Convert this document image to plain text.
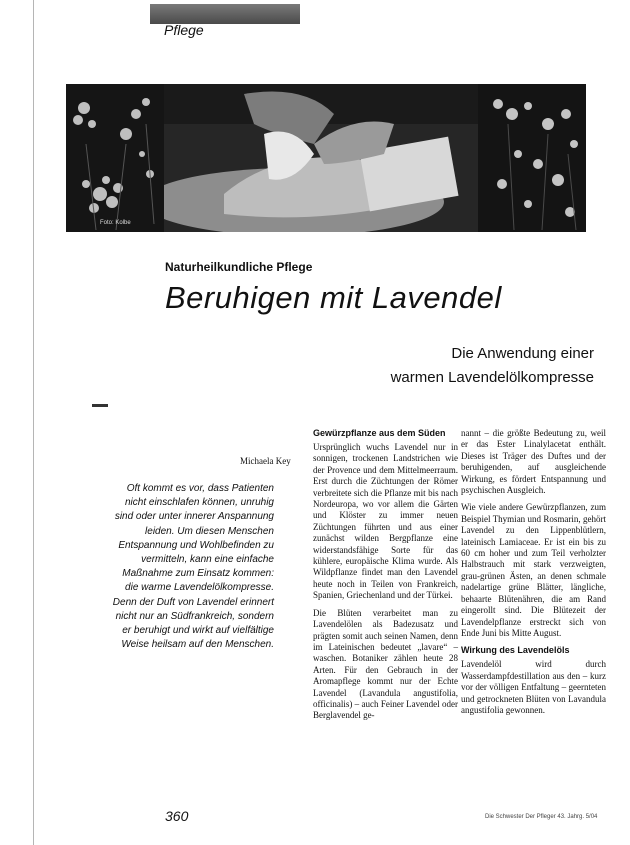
Pflege
Foto: Kolbe
Naturheilkundliche Pflege
Beruhigen mit Lavendel
Die Anwendung einer
warmen Lavendelölkompresse
Michaela Key
Oft kommt es vor, dass Patienten nicht einschlafen können, unruhig sind oder unter innerer Anspannung leiden. Um diesen Menschen Entspannung und Wohlbefinden zu vermitteln, kann eine einfache Maßnahme zum Einsatz kommen: die warme Lavendelölkompresse. Denn der Duft von Lavendel erinnert nicht nur an Südfrankreich, sondern er beruhigt und wirkt auf vielfältige Weise heilsam auf den Menschen.
Gewürzpflanze aus dem Süden

Ursprünglich wuchs Lavendel nur in sonnigen, trockenen Landstrichen wie der Provence und dem Mittelmeerraum. Erst durch die Züchtungen der Römer verbreitete sich die Pflanze mit bis nach Nordeuropa, wo vor allem die Gärten und Klöster zu immer neuen Züchtungen führten und aus einer zunächst wilden Bergpflanze eine widerstandsfähige Sorte für das kühlere, europäische Klima wurde. Als Wildpflanze findet man den Lavendel heute noch in Teilen von Frankreich, Spanien, Griechenland und der Türkei.

Die Blüten verarbeitet man zu Lavendelölen als Badezusatz und prägten somit auch seinen Namen, denn im Lateinischen bedeutet „lavare“ – waschen. Botaniker zählen heute 28 Arten. Für den Gebrauch in der Aromapflege kommt nur der Echte Lavendel (Lavandula angustifolia, officinalis) – auch Feiner Lavendel oder Berglavendel ge-

nannt – die größte Bedeutung zu, weil er das Ester Linalylacetat enthält. Dieses ist Träger des Duftes und der beruhigenden, auf ausgleichende Wirkung, es fördert Entspannung und psychischen Ausgleich.

Wie viele andere Gewürzpflanzen, zum Beispiel Thymian und Rosmarin, gehört Lavendel zu den Lippenblütlern, lateinisch Lamiaceae. Er ist ein bis zu 60 cm hoher und zum Teil verholzter Halbstrauch mit stark verzweigten, grau-grünen Ästen, an denen schmale nadelartige grüne Blätter, längliche, behaarte Blütenähren, die am Rand eingerollt sind. Die Blütezeit der Lavendelpflanze erstreckt sich von Ende Juni bis Mitte August.

Wirkung des Lavendelöls

Lavendelöl wird durch Wasserdampfdestillation aus den – kurz vor der völligen Entfaltung – geernteten und getrockneten Blüten von Lavandula angustifolia gewonnen.

360	Die Schwester Der Pfleger 43. Jahrg. 5/04
